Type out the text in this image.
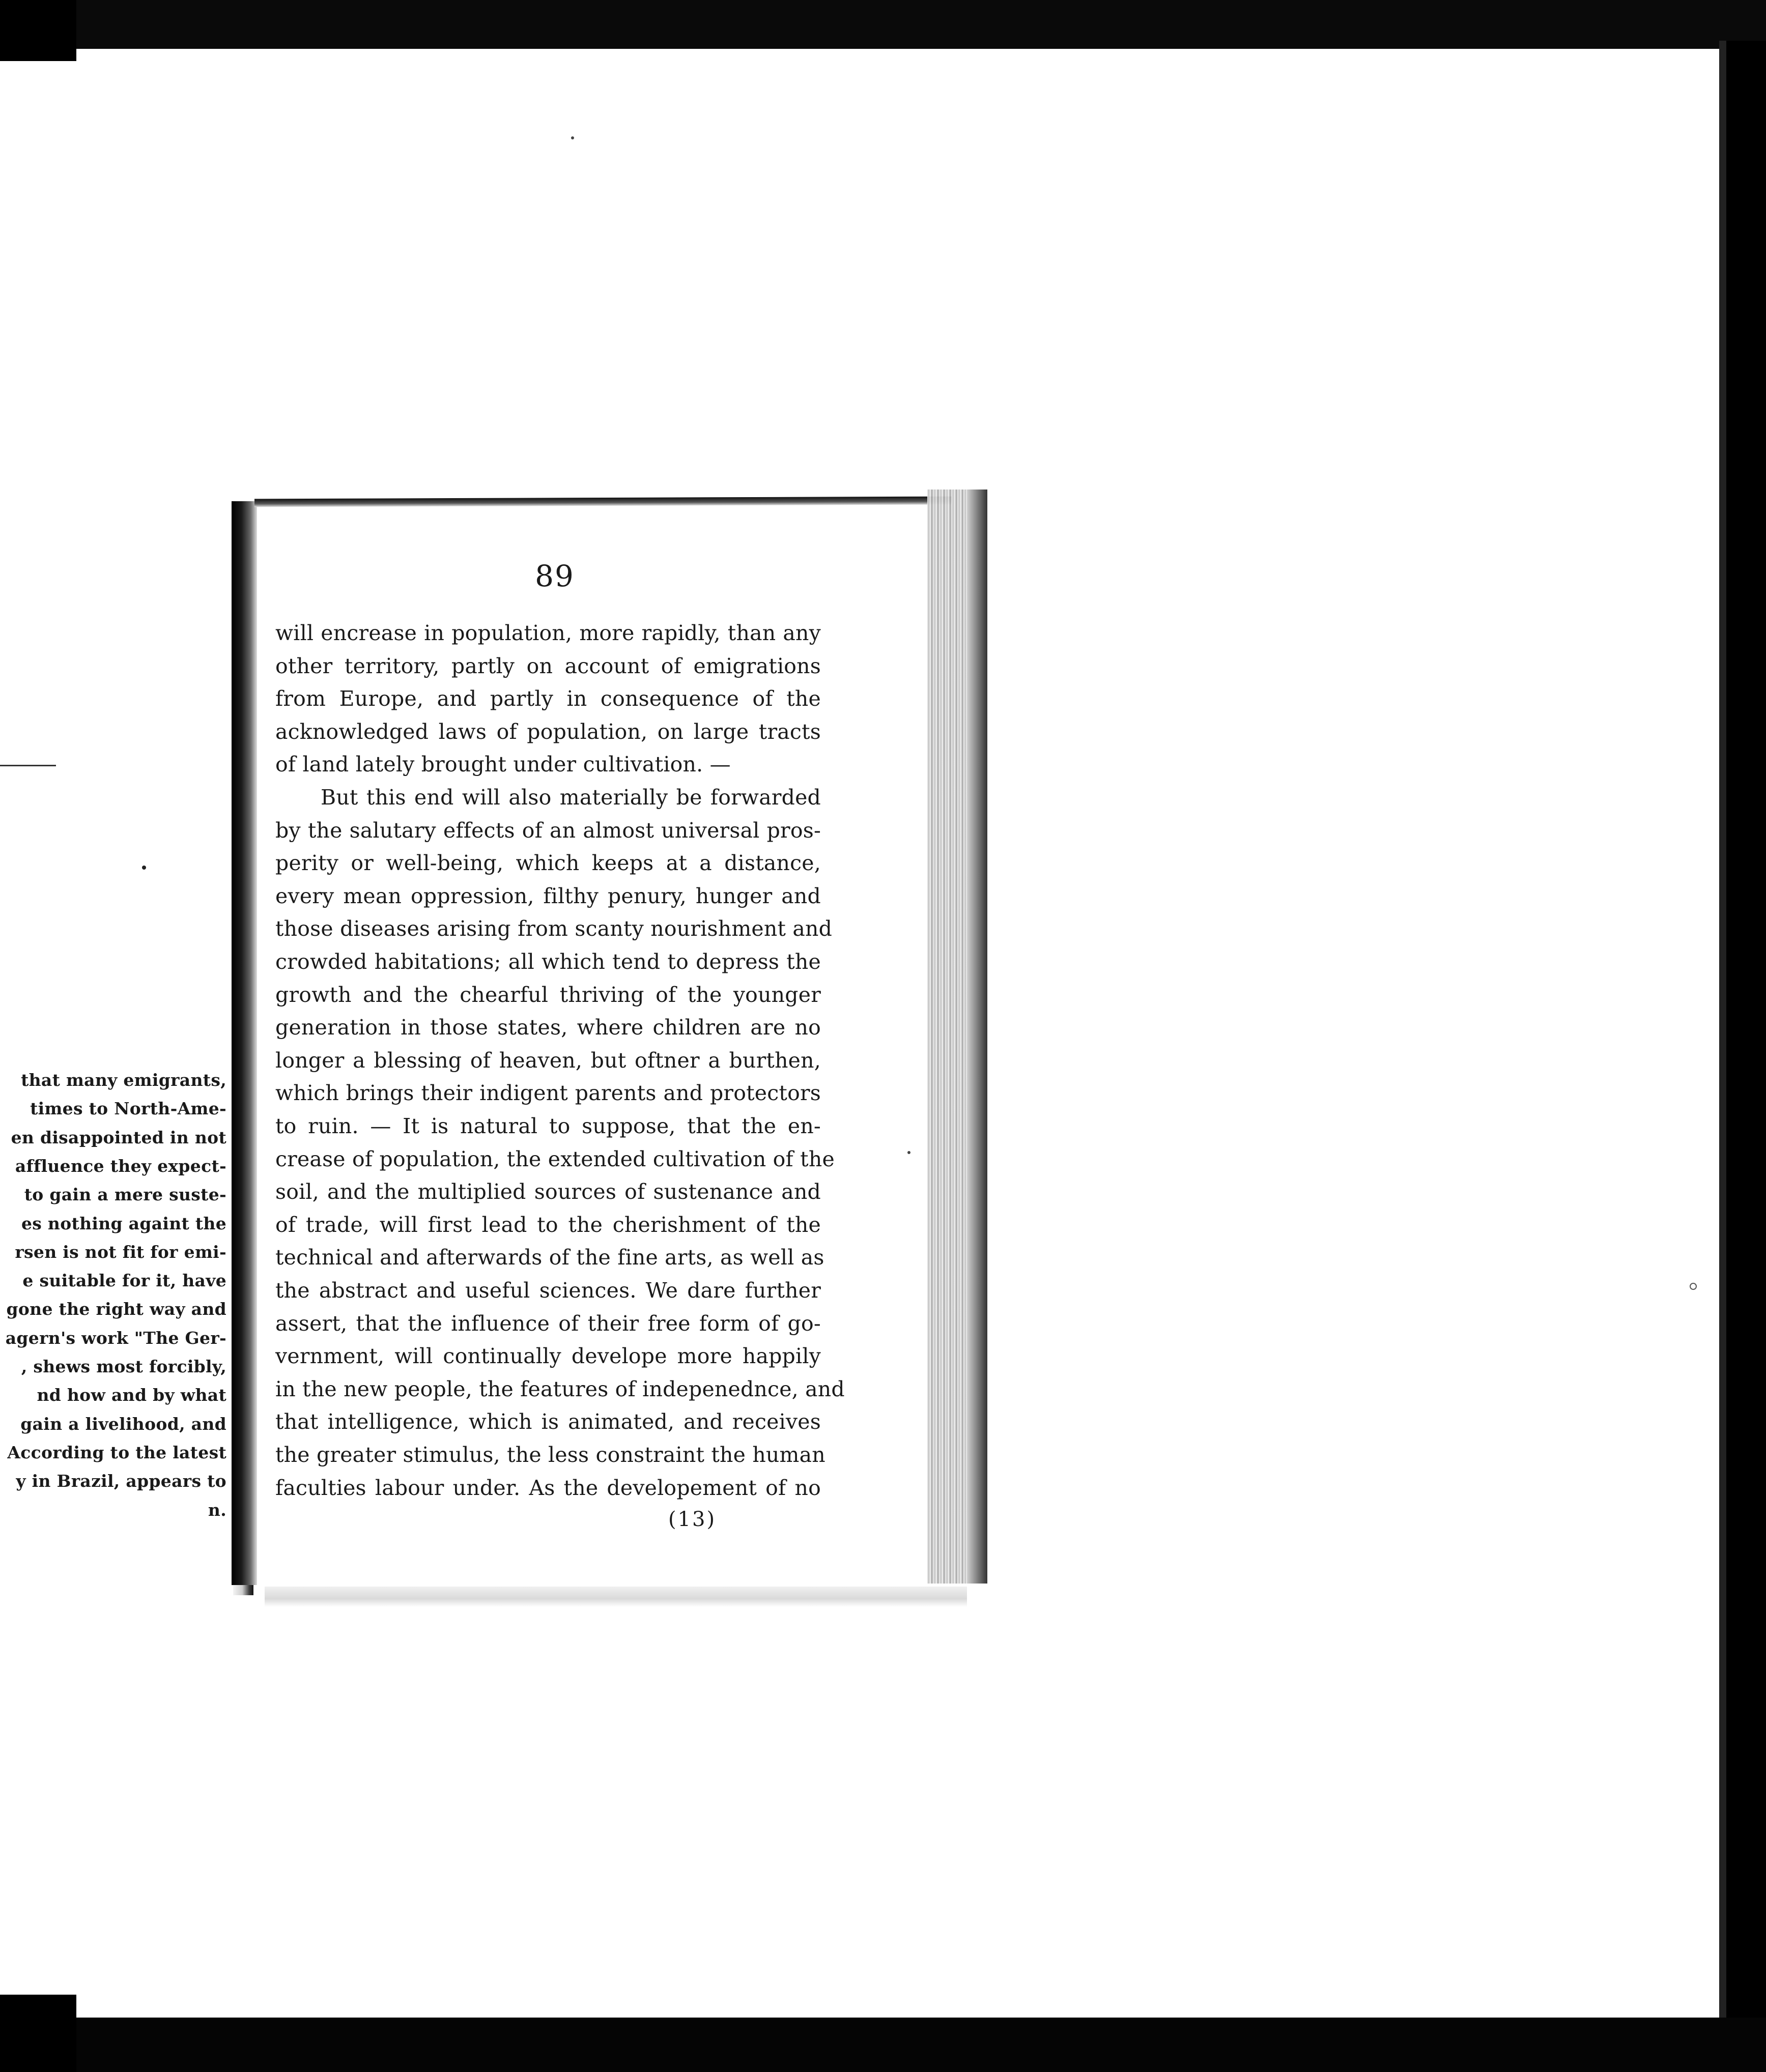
that many emigrants,
times to North-Ame-
en disappointed in not
affluence they expect-
to gain a mere suste-
es nothing againt the
rsen is not fit for emi-
e suitable for it, have
gone the right way and
agern's work "The Ger-
, shews most forcibly,
nd how and by what
gain a livelihood, and
According to the latest
y in Brazil, appears to
n.
89
will encrease in population, more rapidly, than any
other territory, partly on account of emigrations
from Europe, and partly in consequence of the
acknowledged laws of population, on large tracts
of land lately brought under cultivation. —
But this end will also materially be forwarded
by the salutary effects of an almost universal pros-
perity or well-being, which keeps at a distance,
every mean oppression, filthy penury, hunger and
those diseases arising from scanty nourishment and
crowded habitations; all which tend to depress the
growth and the chearful thriving of the younger
generation in those states, where children are no
longer a blessing of heaven, but oftner a burthen,
which brings their indigent parents and protectors
to ruin. — It is natural to suppose, that the en-
crease of population, the extended cultivation of the
soil, and the multiplied sources of sustenance and
of trade, will first lead to the cherishment of the
technical and afterwards of the fine arts, as well as
the abstract and useful sciences. We dare further
assert, that the influence of their free form of go-
vernment, will continually develope more happily
in the new people, the features of indepenednce, and
that intelligence, which is animated, and receives
the greater stimulus, the less constraint the human
faculties labour under. As the developement of no
(13)
